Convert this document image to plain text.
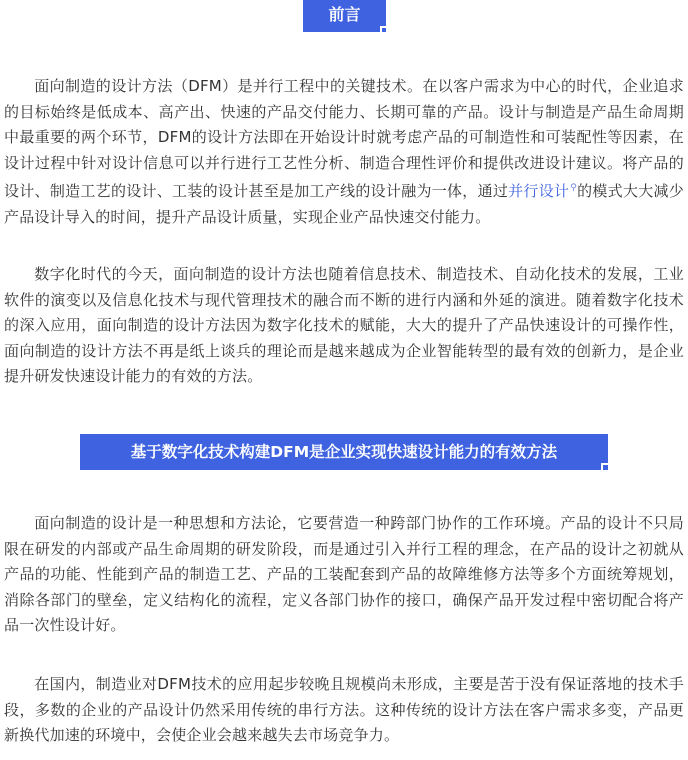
前言

面向制造的设计方法（DFM）是并行工程中的关键技术。在以客户需求为中心的时代，企业追求的目标始终是低成本、高产出、快速的产品交付能力、长期可靠的产品。设计与制造是产品生命周期中最重要的两个环节，DFM的设计方法即在开始设计时就考虑产品的可制造性和可装配性等因素，在设计过程中针对设计信息可以并行进行工艺性分析、制造合理性评价和提供改进设计建议。将产品的设计、制造工艺的设计、工装的设计甚至是加工产线的设计融为一体，通过并行设计⚲的模式大大减少产品设计导入的时间，提升产品设计质量，实现企业产品快速交付能力。

数字化时代的今天，面向制造的设计方法也随着信息技术、制造技术、自动化技术的发展，工业软件的演变以及信息化技术与现代管理技术的融合而不断的进行内涵和外延的演进。随着数字化技术的深入应用，面向制造的设计方法因为数字化技术的赋能，大大的提升了产品快速设计的可操作性，面向制造的设计方法不再是纸上谈兵的理论而是越来越成为企业智能转型的最有效的创新力，是企业提升研发快速设计能力的有效的方法。

基于数字化技术构建DFM是企业实现快速设计能力的有效方法

面向制造的设计是一种思想和方法论，它要营造一种跨部门协作的工作环境。产品的设计不只局限在研发的内部或产品生命周期的研发阶段，而是通过引入并行工程的理念，在产品的设计之初就从产品的功能、性能到产品的制造工艺、产品的工装配套到产品的故障维修方法等多个方面统筹规划，消除各部门的壁垒，定义结构化的流程，定义各部门协作的接口，确保产品开发过程中密切配合将产品一次性设计好。

在国内，制造业对DFM技术的应用起步较晚且规模尚未形成，主要是苦于没有保证落地的技术手段，多数的企业的产品设计仍然采用传统的串行方法。这种传统的设计方法在客户需求多变，产品更新换代加速的环境中，会使企业会越来越失去市场竞争力。
